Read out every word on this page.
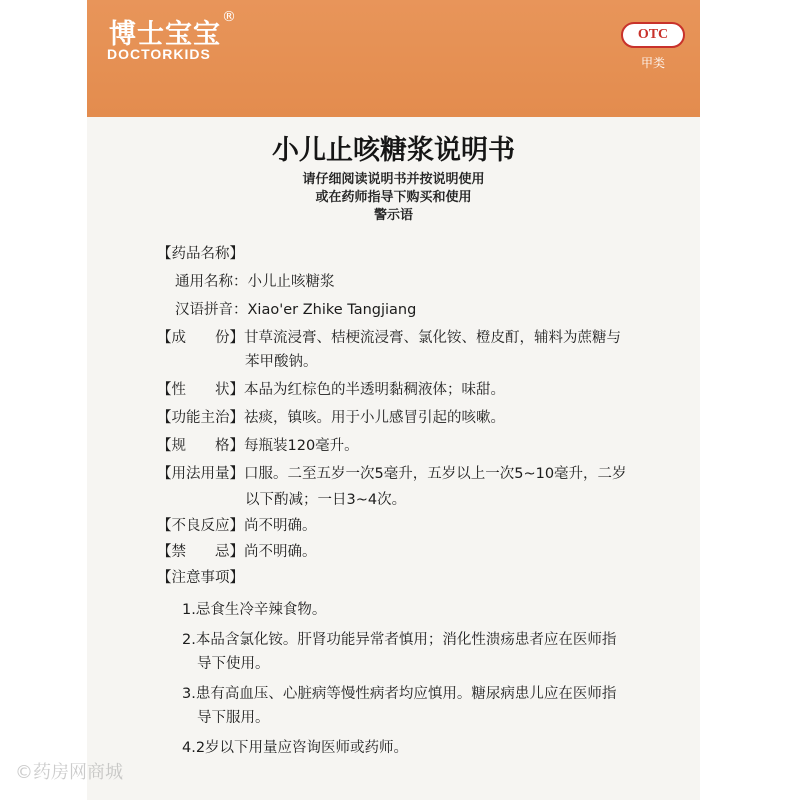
博士宝宝
®
DOCTORKIDS
OTC
甲类
小儿止咳糖浆说明书
请仔细阅读说明书并按说明使用
或在药师指导下购买和使用
警示语
【药品名称】
通用名称：小儿止咳糖浆
汉语拼音：Xiao'er Zhike Tangjiang
【成　　份】甘草流浸膏、桔梗流浸膏、氯化铵、橙皮酊，辅料为蔗糖与
苯甲酸钠。
【性　　状】本品为红棕色的半透明黏稠液体；味甜。
【功能主治】祛痰，镇咳。用于小儿感冒引起的咳嗽。
【规　　格】每瓶装120毫升。
【用法用量】口服。二至五岁一次5毫升，五岁以上一次5~10毫升，二岁
以下酌减；一日3~4次。
【不良反应】尚不明确。
【禁　　忌】尚不明确。
【注意事项】
1.忌食生冷辛辣食物。
2.本品含氯化铵。肝肾功能异常者慎用；消化性溃疡患者应在医师指
导下使用。
3.患有高血压、心脏病等慢性病者均应慎用。糖尿病患儿应在医师指
导下服用。
4.2岁以下用量应咨询医师或药师。
©药房网商城
